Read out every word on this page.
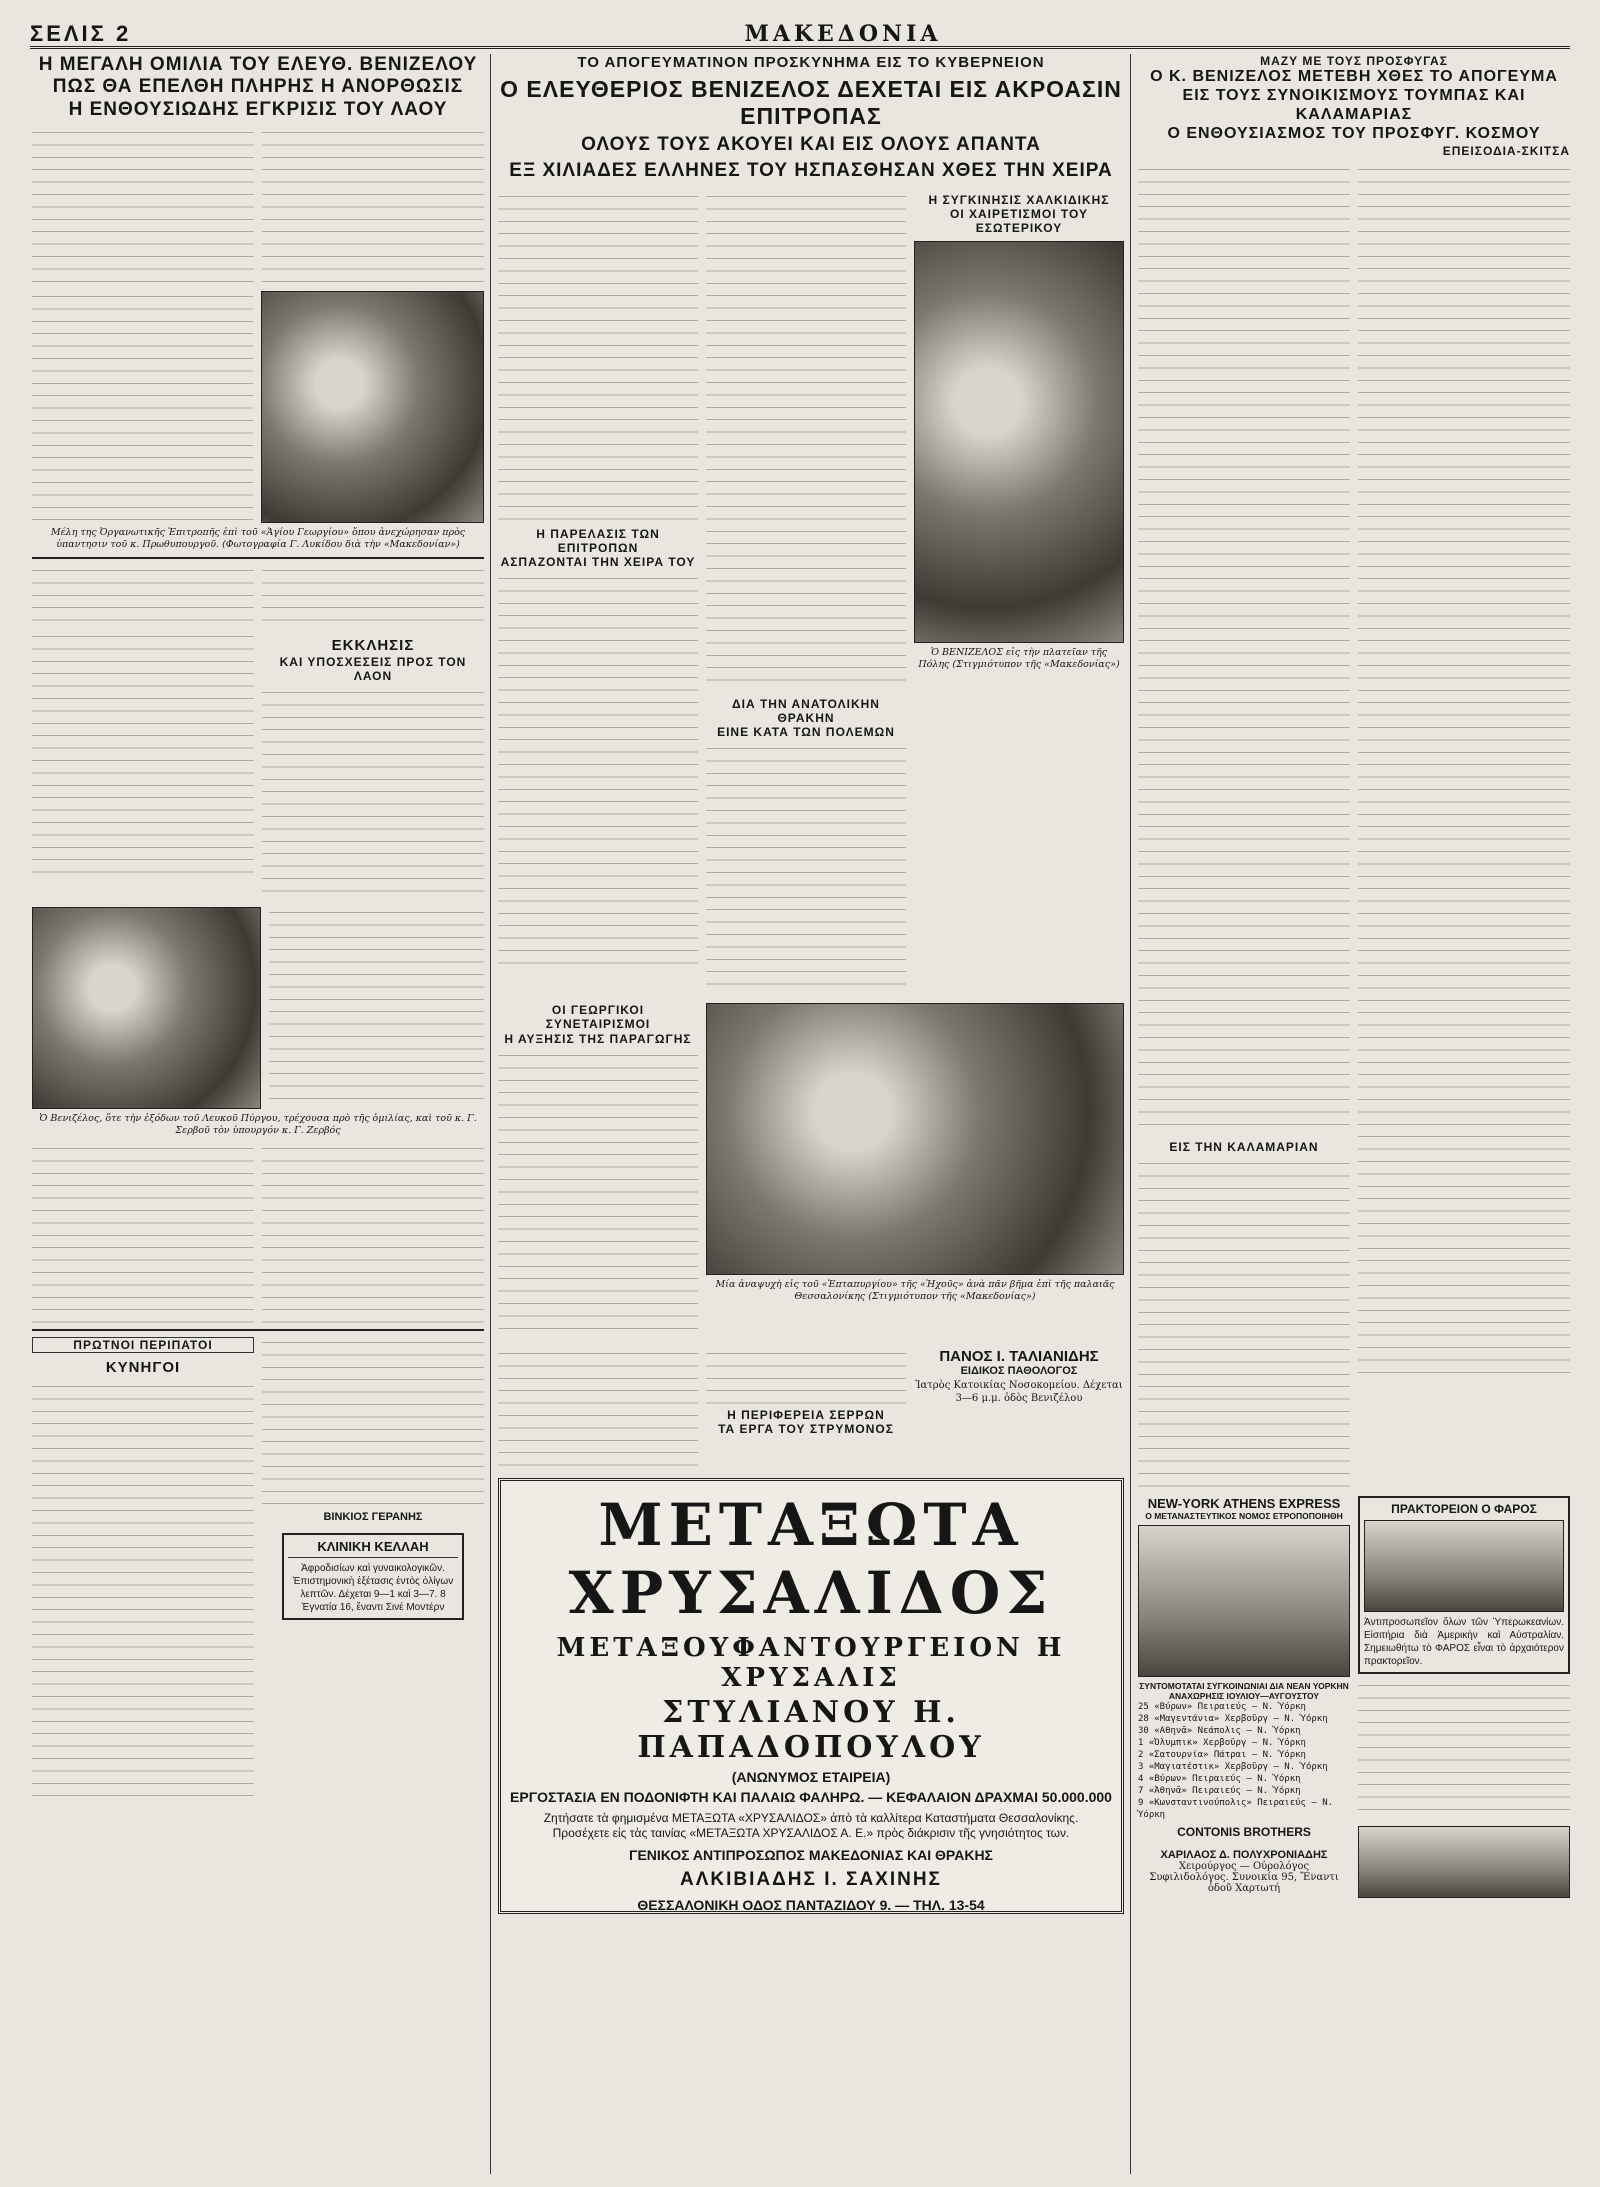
ΣΕΛΙΣ 2	ΜΑΚΕΔΟΝΙΑ

Η ΜΕΓΑΛΗ ΟΜΙΛΙΑ ΤΟΥ ΕΛΕΥΘ. ΒΕΝΙΖΕΛΟΥ

ΠΩΣ ΘΑ ΕΠΕΛΘΗ ΠΛΗΡΗΣ Η ΑΝΟΡΘΩΣΙΣ

Η ΕΝΘΟΥΣΙΩΔΗΣ ΕΓΚΡΙΣΙΣ ΤΟΥ ΛΑΟΥ

Μέλη της Ὀργανωτικῆς Ἐπιτροπῆς ἐπὶ τοῦ «Ἁγίου Γεωργίου» ὅπου ἀνεχώρησαν πρὸς ὑπαντησιν τοῦ κ. Πρωθυπουργοῦ. (Φωτογραφία Γ. Λυκίδου διὰ τὴν «Μακεδονίαν»)

ΕΚΚΛΗΣΙΣ

ΚΑΙ ΥΠΟΣΧΕΣΕΙΣ ΠΡΟΣ ΤΟΝ ΛΑΟΝ

Ὁ Βενιζέλος, ὅτε τὴν ἐξόδων τοῦ Λευκοῦ Πύργου, τρέχουσα πρὸ τῆς ὁμιλίας, καὶ τοῦ κ. Γ. Σερβοῦ τὸν ὑπουργόν κ. Γ. Ζερβός

ΠΡΩΤΝΟΙ ΠΕΡΙΠΑΤΟΙ

ΚΥΝΗΓΟΙ

ΒΙΝΚΙΟΣ ΓΕΡΑΝΗΣ

ΚΛΙΝΙΚΗ ΚΕΛΛΑΗ
Ἀφροδισίων καὶ γυναικολογικῶν. Ἐπιστημονικὴ ἐξέτασις ἐντὸς ὀλίγων λεπτῶν. Δέχεται 9—1 καὶ 3—7. 8 Ἐγνατία 16, ἔναντι Σινέ Μοντέρν

ΤΟ ΑΠΟΓΕΥΜΑΤΙΝΟΝ ΠΡΟΣΚΥΝΗΜΑ ΕΙΣ ΤΟ ΚΥΒΕΡΝΕΙΟΝ

Ο ΕΛΕΥΘΕΡΙΟΣ ΒΕΝΙΖΕΛΟΣ ΔΕΧΕΤΑΙ ΕΙΣ ΑΚΡΟΑΣΙΝ ΕΠΙΤΡΟΠΑΣ

ΟΛΟΥΣ ΤΟΥΣ ΑΚΟΥΕΙ ΚΑΙ ΕΙΣ ΟΛΟΥΣ ΑΠΑΝΤΑ

ΕΞ ΧΙΛΙΑΔΕΣ ΕΛΛΗΝΕΣ ΤΟΥ ΗΣΠΑΣΘΗΣΑΝ ΧΘΕΣ ΤΗΝ ΧΕΙΡΑ

Η ΠΑΡΕΛΑΣΙΣ ΤΩΝ ΕΠΙΤΡΟΠΩΝ

ΑΣΠΑΖΟΝΤΑΙ ΤΗΝ ΧΕΙΡΑ ΤΟΥ

ΔΙΑ ΤΗΝ ΑΝΑΤΟΛΙΚΗΝ ΘΡΑΚΗΝ

ΕΙΝΕ ΚΑΤΑ ΤΩΝ ΠΟΛΕΜΩΝ

Η ΣΥΓΚΙΝΗΣΙΣ ΧΑΛΚΙΔΙΚΗΣ

ΟΙ ΧΑΙΡΕΤΙΣΜΟΙ ΤΟΥ ΕΣΩΤΕΡΙΚΟΥ

Ὁ ΒΕΝΙΖΕΛΟΣ εἰς τὴν πλατεῖαν τῆς Πόλης (Στιγμιότυπον τῆς «Μακεδονίας»)

ΟΙ ΓΕΩΡΓΙΚΟΙ ΣΥΝΕΤΑΙΡΙΣΜΟΙ

Η ΑΥΞΗΣΙΣ ΤΗΣ ΠΑΡΑΓΩΓΗΣ

Μία ἀναψυχὴ εἰς τοῦ «Ἑπταπυργίου» τῆς «Ἠχοῦς» ἀνὰ πᾶν βῆμα ἐπὶ τῆς παλαιᾶς Θεσσαλονίκης (Στιγμιότυπον τῆς «Μακεδονίας»)

Η ΠΕΡΙΦΕΡΕΙΑ ΣΕΡΡΩΝ

ΤΑ ΕΡΓΑ ΤΟΥ ΣΤΡΥΜΟΝΟΣ

ΠΑΝΟΣ Ι. ΤΑΛΙΑΝΙΔΗΣ
ΕΙΔΙΚΟΣ ΠΑΘΟΛΟΓΟΣ
Ἰατρὸς Κατοικίας Νοσοκομείου. Δέχεται 3—6 μ.μ. ὁδὸς Βενιζέλου

ΜΕΤΑΞΩΤΑ ΧΡΥΣΑΛΙΔΟΣ

ΜΕΤΑΞΟΥΦΑΝΤΟΥΡΓΕΙΟΝ Η ΧΡΥΣΑΛΙΣ

ΣΤΥΛΙΑΝΟΥ Η. ΠΑΠΑΔΟΠΟΥΛΟΥ

(ΑΝΩΝΥΜΟΣ ΕΤΑΙΡΕΙΑ)

ΕΡΓΟΣΤΑΣΙΑ ΕΝ ΠΟΔΟΝΙΦΤΗ ΚΑΙ ΠΑΛΑΙΩ ΦΑΛΗΡΩ. — ΚΕΦΑΛΑΙΟΝ ΔΡΑΧΜΑΙ 50.000.000

Ζητήσατε τὰ φημισμένα ΜΕΤΑΞΩΤΑ «ΧΡΥΣΑΛΙΔΟΣ» ἀπὸ τὰ καλλίτερα Καταστήματα Θεσσαλονίκης. Προσέχετε εἰς τὰς ταινίας «ΜΕΤΑΞΩΤΑ ΧΡΥΣΑΛΙΔΟΣ Α. Ε.» πρὸς διάκρισιν τῆς γνησιότητος των.

ΓΕΝΙΚΟΣ ΑΝΤΙΠΡΟΣΩΠΟΣ ΜΑΚΕΔΟΝΙΑΣ ΚΑΙ ΘΡΑΚΗΣ

ΑΛΚΙΒΙΑΔΗΣ Ι. ΣΑΧΙΝΗΣ

ΘΕΣΣΑΛΟΝΙΚΗ ΟΔΟΣ ΠΑΝΤΑΖΙΔΟΥ 9. — ΤΗΛ. 13-54

ΜΑΖΥ ΜΕ ΤΟΥΣ ΠΡΟΣΦΥΓΑΣ

Ο Κ. ΒΕΝΙΖΕΛΟΣ ΜΕΤΕΒΗ ΧΘΕΣ ΤΟ ΑΠΟΓΕΥΜΑ

ΕΙΣ ΤΟΥΣ ΣΥΝΟΙΚΙΣΜΟΥΣ ΤΟΥΜΠΑΣ ΚΑΙ ΚΑΛΑΜΑΡΙΑΣ

Ο ΕΝΘΟΥΣΙΑΣΜΟΣ ΤΟΥ ΠΡΟΣΦΥΓ. ΚΟΣΜΟΥ

ΕΠΕΙΣΟΔΙΑ-ΣΚΙΤΣΑ

ΕΙΣ ΤΗΝ ΚΑΛΑΜΑΡΙΑΝ

NEW-YORK ATHENS EXPRESS
Ο ΜΕΤΑΝΑΣΤΕΥΤΙΚΟΣ ΝΟΜΟΣ ΕΤΡΟΠΟΠΟΙΗΘΗ
ΣΥΝΤΟΜΟΤΑΤΑΙ ΣΥΓΚΟΙΝΩΝΙΑΙ ΔΙΑ ΝΕΑΝ ΥΟΡΚΗΝ ΑΝΑΧΩΡΗΣΙΣ ΙΟΥΛΙΟΥ—ΑΥΓΟΥΣΤΟΥ
25 «Βύρων» Πειραιεύς — Ν. Ὑόρκη
28 «Μαγεντάνια» Χερβοῦργ — Ν. Ὑόρκη
30 «Αθηνᾶ» Νεάπολις — Ν. Ὑόρκη
1 «Ὀλυμπικ» Χερβοῦργ — Ν. Ὑόρκη
2 «Σατουρνία» Πάτραι — Ν. Ὑόρκη
3 «Μαγιατέστικ» Χερβοῦργ — Ν. Ὑόρκη
4 «Βύρων» Πειραιεύς — Ν. Ὑόρκη
7 «Ἀθηνᾶ» Πειραιεύς — Ν. Ὑόρκη
9 «Κωνσταντινούπολις» Πειραιεύς — Ν. Ὑόρκη
CONTONIS BROTHERS
ΧΑΡΙΛΑΟΣ Δ. ΠΟΛΥΧΡΟΝΙΑΔΗΣ
Χειρούργος — Οὐρολόγος
Συφιλιδολόγος. Συνοικία 95, Ἔναντι ὁδοῦ Χαρτωτή
ΠΡΑΚΤΟΡΕΙΟΝ Ο ΦΑΡΟΣ
Ἀντιπροσωπεῖον ὅλων τῶν Ὑπερωκεανίων. Εἰσιτήρια διὰ Ἀμερικὴν καὶ Αὐστραλίαν. Σημειωθήτω τὸ ΦΑΡΟΣ εἶναι τὸ ἀρχαιότερον πρακτορεῖον.
